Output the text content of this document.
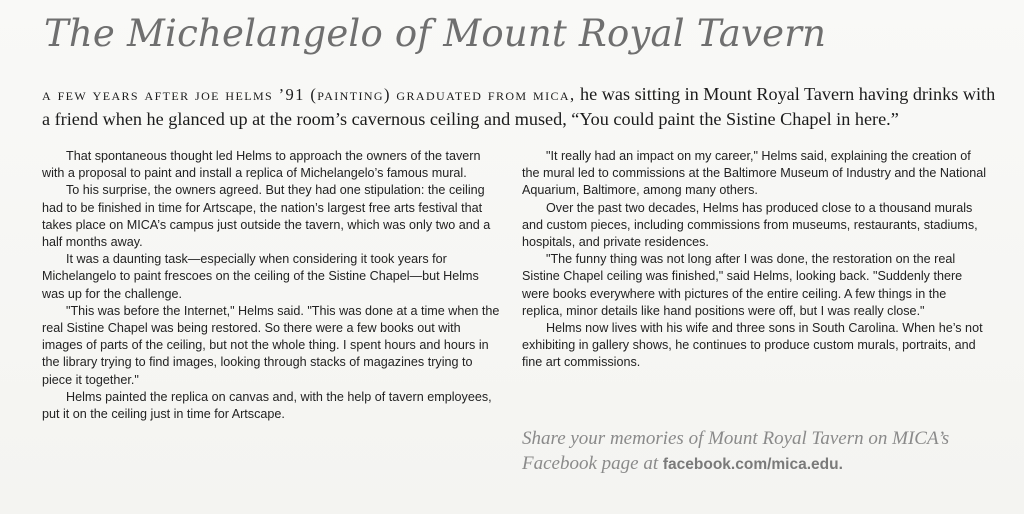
The Michelangelo of Mount Royal Tavern
a few years after joe helms ’91 (painting) graduated from mica, he was sitting in Mount Royal Tavern having drinks with a friend when he glanced up at the room’s cavernous ceiling and mused, “You could paint the Sistine Chapel in here.”

That spontaneous thought led Helms to approach the owners of the tavern with a proposal to paint and install a replica of Michelangelo’s famous mural.

To his surprise, the owners agreed. But they had one stipulation: the ceiling had to be finished in time for Artscape, the nation’s largest free arts festival that takes place on MICA’s campus just outside the tavern, which was only two and a half months away.

It was a daunting task—especially when considering it took years for Michelangelo to paint frescoes on the ceiling of the Sistine Chapel—but Helms was up for the challenge.

"This was before the Internet," Helms said. "This was done at a time when the real Sistine Chapel was being restored. So there were a few books out with images of parts of the ceiling, but not the whole thing. I spent hours and hours in the library trying to find images, looking through stacks of magazines trying to piece it together."

Helms painted the replica on canvas and, with the help of tavern employees, put it on the ceiling just in time for Artscape.

"It really had an impact on my career," Helms said, explaining the creation of the mural led to commissions at the Baltimore Museum of Industry and the National Aquarium, Baltimore, among many others.

Over the past two decades, Helms has produced close to a thousand murals and custom pieces, including commissions from museums, restaurants, stadiums, hospitals, and private residences.

"The funny thing was not long after I was done, the restoration on the real Sistine Chapel ceiling was finished," said Helms, looking back. "Suddenly there were books everywhere with pictures of the entire ceiling. A few things in the replica, minor details like hand positions were off, but I was really close."

Helms now lives with his wife and three sons in South Carolina. When he’s not exhibiting in gallery shows, he continues to produce custom murals, portraits, and fine art commissions.

Share your memories of Mount Royal Tavern on MICA’s Facebook page at facebook.com/mica.edu.
